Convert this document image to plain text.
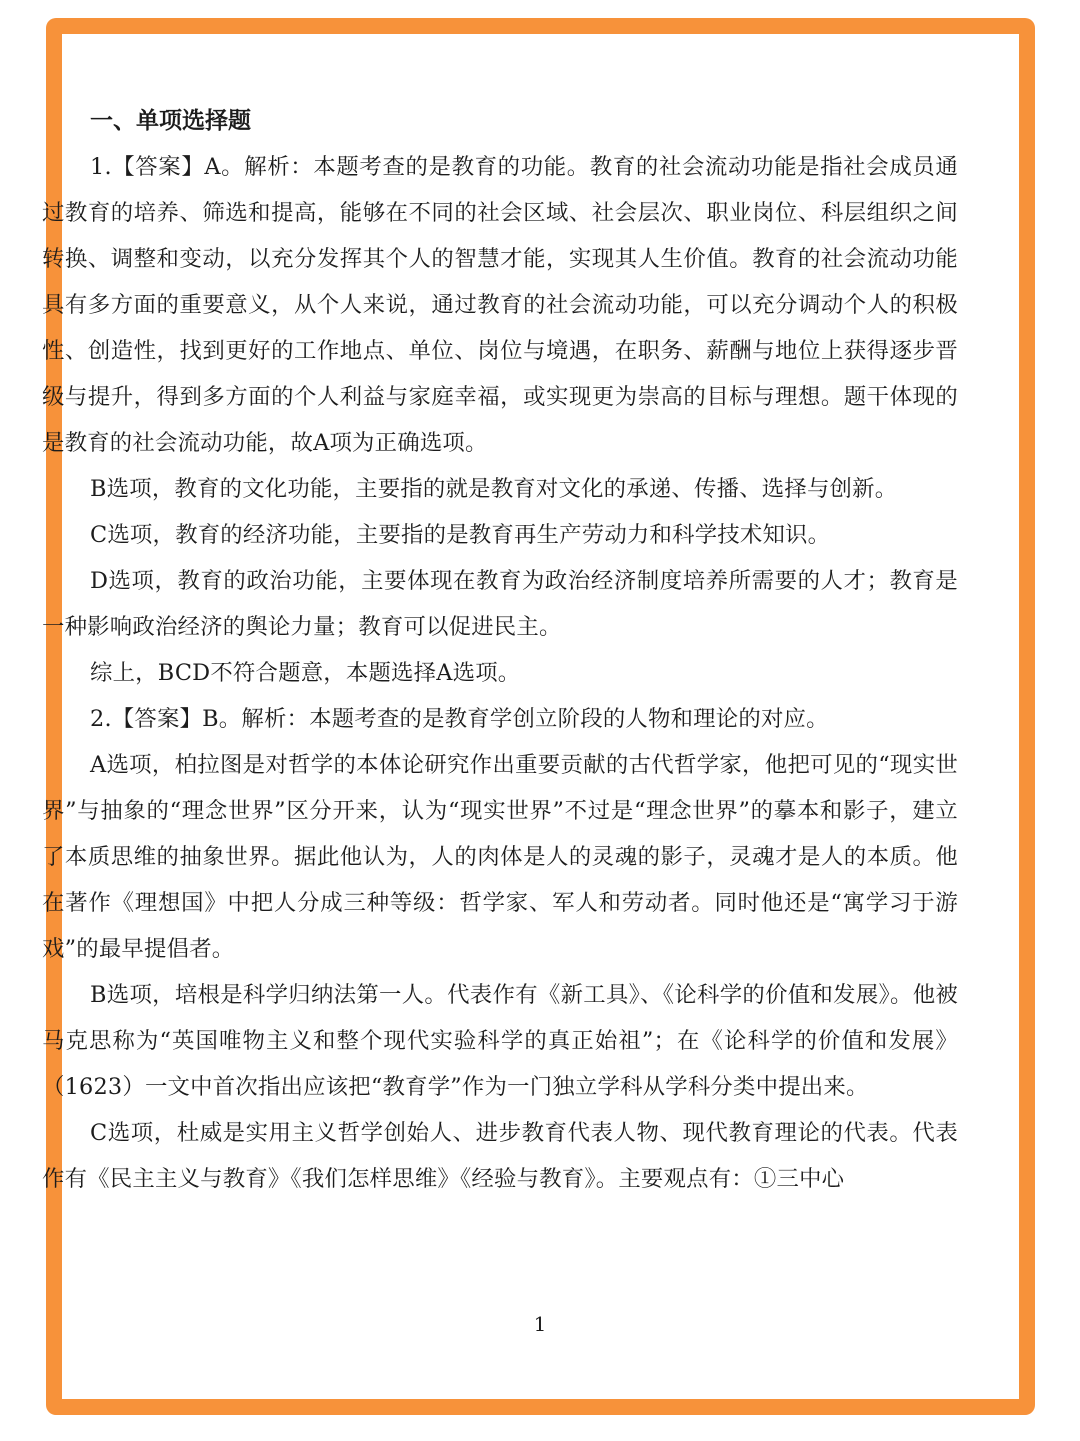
一、单项选择题

1.【答案】A。解析：本题考查的是教育的功能。教育的社会流动功能是指社会成员通过教育的培养、筛选和提高，能够在不同的社会区域、社会层次、职业岗位、科层组织之间转换、调整和变动，以充分发挥其个人的智慧才能，实现其人生价值。教育的社会流动功能具有多方面的重要意义，从个人来说，通过教育的社会流动功能，可以充分调动个人的积极性、创造性，找到更好的工作地点、单位、岗位与境遇，在职务、薪酬与地位上获得逐步晋级与提升，得到多方面的个人利益与家庭幸福，或实现更为崇高的目标与理想。题干体现的是教育的社会流动功能，故A项为正确选项。

B选项，教育的文化功能，主要指的就是教育对文化的承递、传播、选择与创新。

C选项，教育的经济功能，主要指的是教育再生产劳动力和科学技术知识。

D选项，教育的政治功能，主要体现在教育为政治经济制度培养所需要的人才；教育是一种影响政治经济的舆论力量；教育可以促进民主。

综上，BCD不符合题意，本题选择A选项。

2.【答案】B。解析：本题考查的是教育学创立阶段的人物和理论的对应。

A选项，柏拉图是对哲学的本体论研究作出重要贡献的古代哲学家，他把可见的“现实世界”与抽象的“理念世界”区分开来，认为“现实世界”不过是“理念世界”的摹本和影子，建立了本质思维的抽象世界。据此他认为，人的肉体是人的灵魂的影子，灵魂才是人的本质。他在著作《理想国》中把人分成三种等级：哲学家、军人和劳动者。同时他还是“寓学习于游戏”的最早提倡者。

B选项，培根是科学归纳法第一人。代表作有《新工具》、《论科学的价值和发展》。他被马克思称为“英国唯物主义和整个现代实验科学的真正始祖”；在《论科学的价值和发展》（1623）一文中首次指出应该把“教育学”作为一门独立学科从学科分类中提出来。

C选项，杜威是实用主义哲学创始人、进步教育代表人物、现代教育理论的代表。代表作有《民主主义与教育》《我们怎样思维》《经验与教育》。主要观点有：①三中心

1
